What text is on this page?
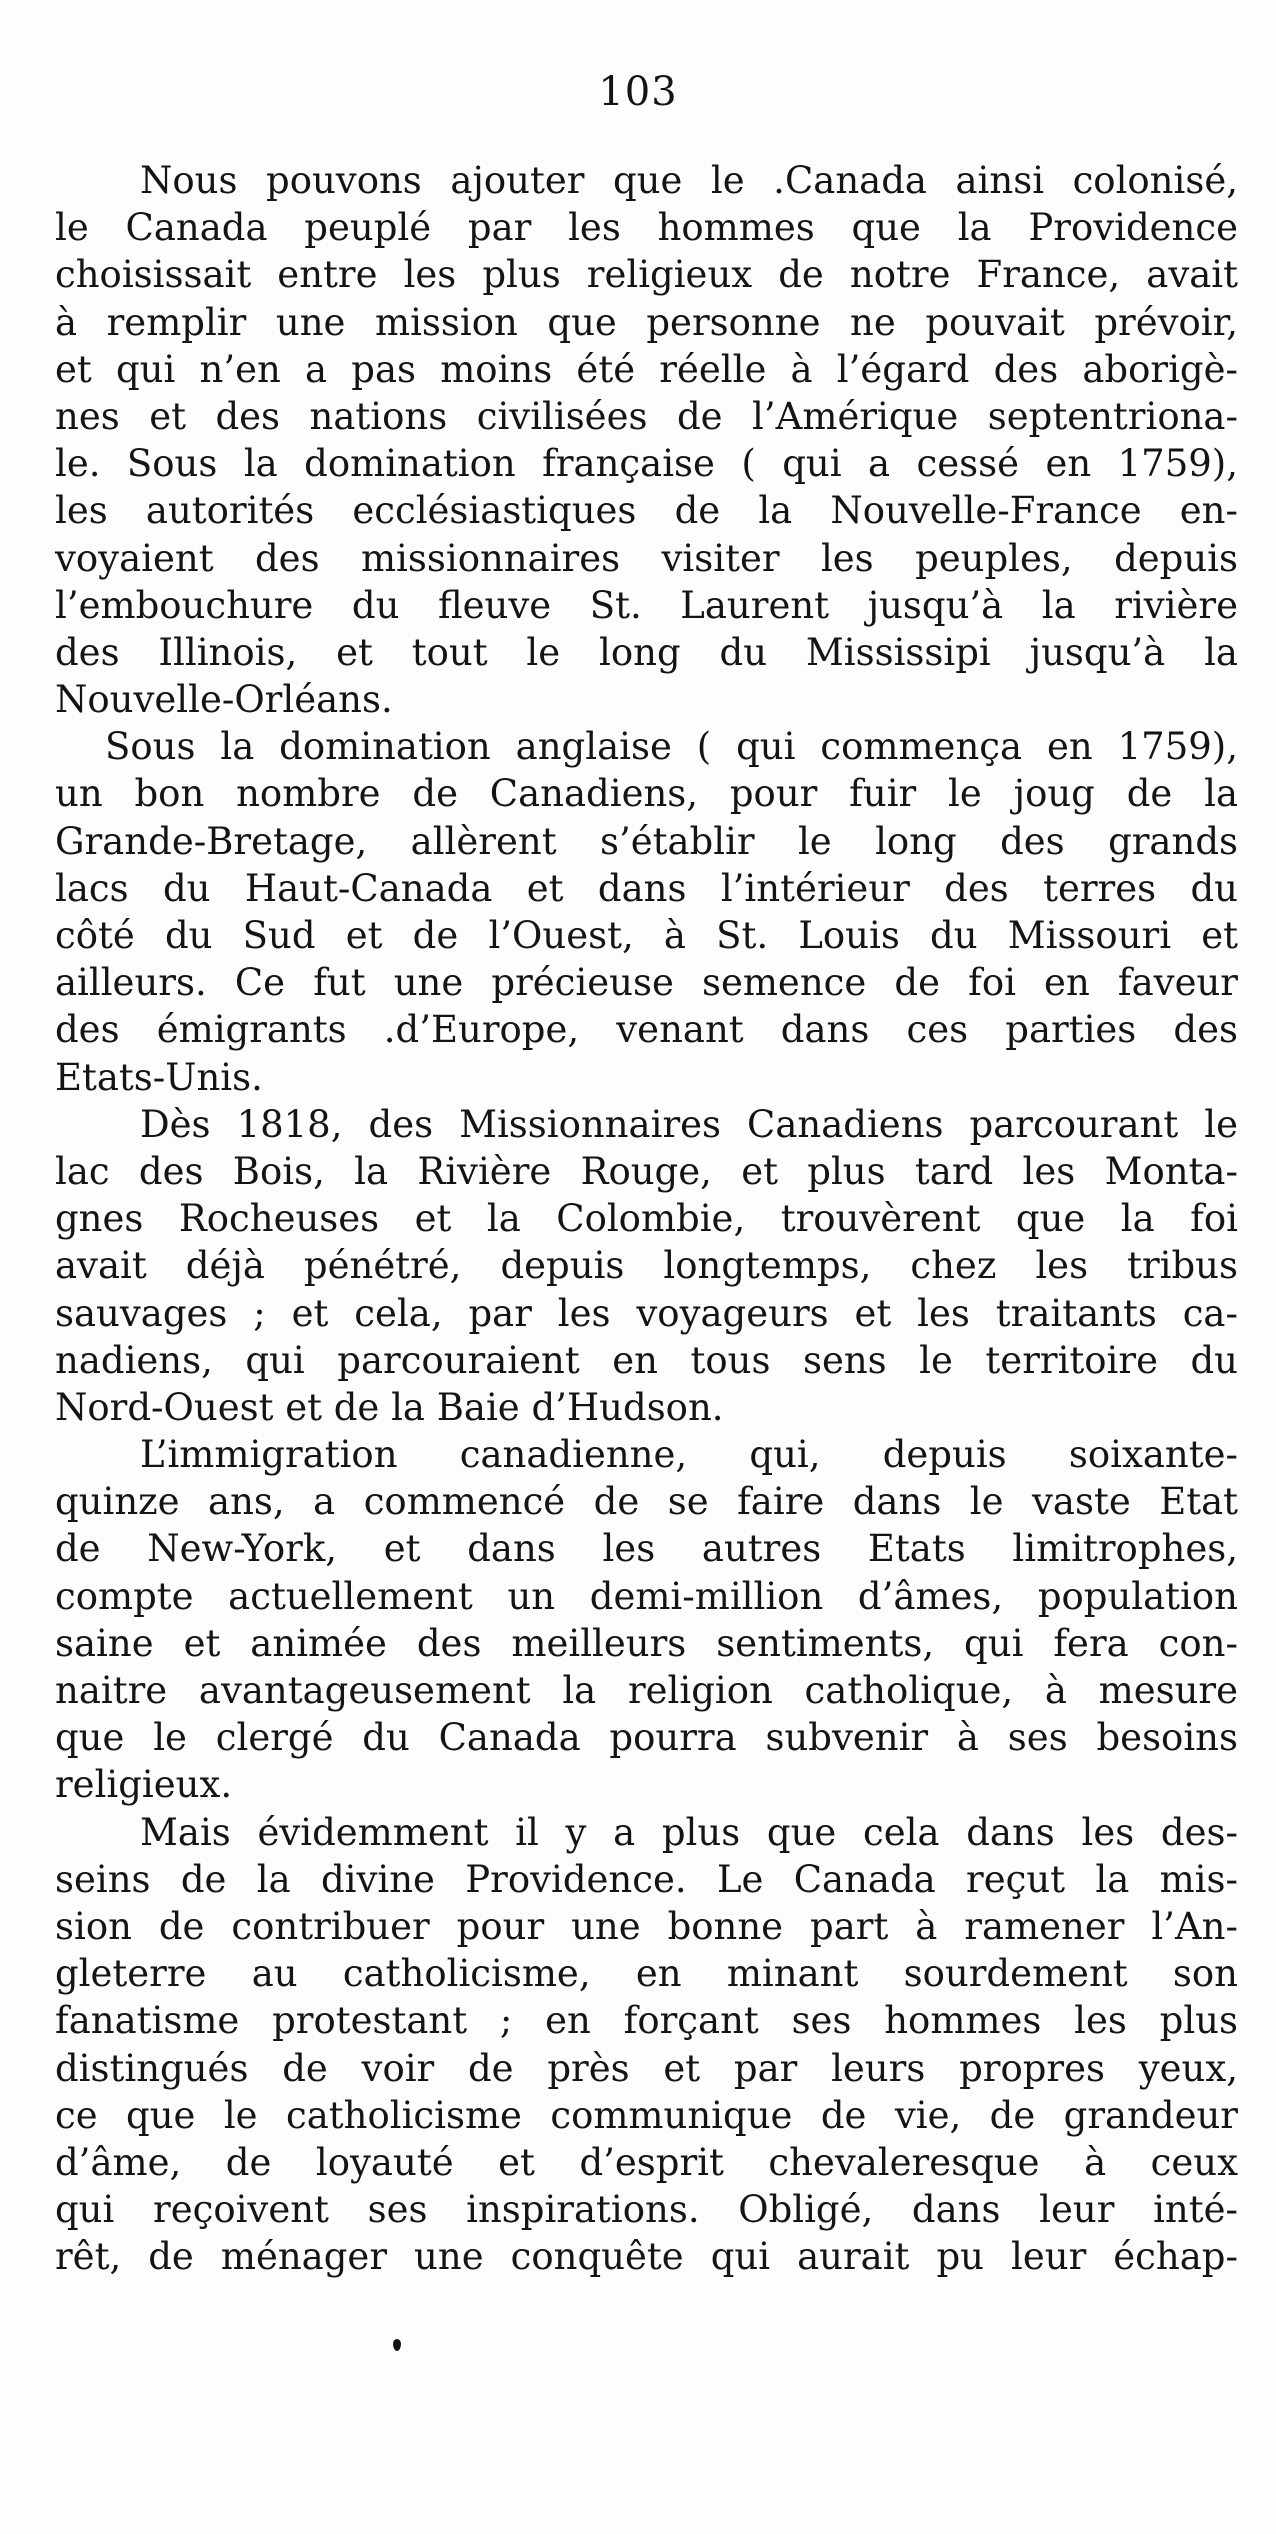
103
Nous pouvons ajouter que le .Canada ainsi colonisé,
le Canada peuplé par les hommes que la Providence
choisissait entre les plus religieux de notre France, avait
à remplir une mission que personne ne pouvait prévoir,
et qui n’en a pas moins été réelle à l’égard des aborigè-
nes et des nations civilisées de l’Amérique septentriona-
le. Sous la domination française ( qui a cessé en 1759),
les autorités ecclésiastiques de la Nouvelle-France en-
voyaient des missionnaires visiter les peuples, depuis
l’embouchure du fleuve St. Laurent jusqu’à la rivière
des Illinois, et tout le long du Mississipi jusqu’à la
Nouvelle-Orléans.
Sous la domination anglaise ( qui commença en 1759),
un bon nombre de Canadiens, pour fuir le joug de la
Grande-Bretage, allèrent s’établir le long des grands
lacs du Haut-Canada et dans l’intérieur des terres du
côté du Sud et de l’Ouest, à St. Louis du Missouri et
ailleurs. Ce fut une précieuse semence de foi en faveur
des émigrants .d’Europe, venant dans ces parties des
Etats-Unis.
Dès 1818, des Missionnaires Canadiens parcourant le
lac des Bois, la Rivière Rouge, et plus tard les Monta-
gnes Rocheuses et la Colombie, trouvèrent que la foi
avait déjà pénétré, depuis longtemps, chez les tribus
sauvages ; et cela, par les voyageurs et les traitants ca-
nadiens, qui parcouraient en tous sens le territoire du
Nord-Ouest et de la Baie d’Hudson.
L’immigration canadienne, qui, depuis soixante-
quinze ans, a commencé de se faire dans le vaste Etat
de New-York, et dans les autres Etats limitrophes,
compte actuellement un demi-million d’âmes, population
saine et animée des meilleurs sentiments, qui fera con-
naitre avantageusement la religion catholique, à mesure
que le clergé du Canada pourra subvenir à ses besoins
religieux.
Mais évidemment il y a plus que cela dans les des-
seins de la divine Providence. Le Canada reçut la mis-
sion de contribuer pour une bonne part à ramener l’An-
gleterre au catholicisme, en minant sourdement son
fanatisme protestant ; en forçant ses hommes les plus
distingués de voir de près et par leurs propres yeux,
ce que le catholicisme communique de vie, de grandeur
d’âme, de loyauté et d’esprit chevaleresque à ceux
qui reçoivent ses inspirations. Obligé, dans leur inté-
rêt, de ménager une conquête qui aurait pu leur échap-
